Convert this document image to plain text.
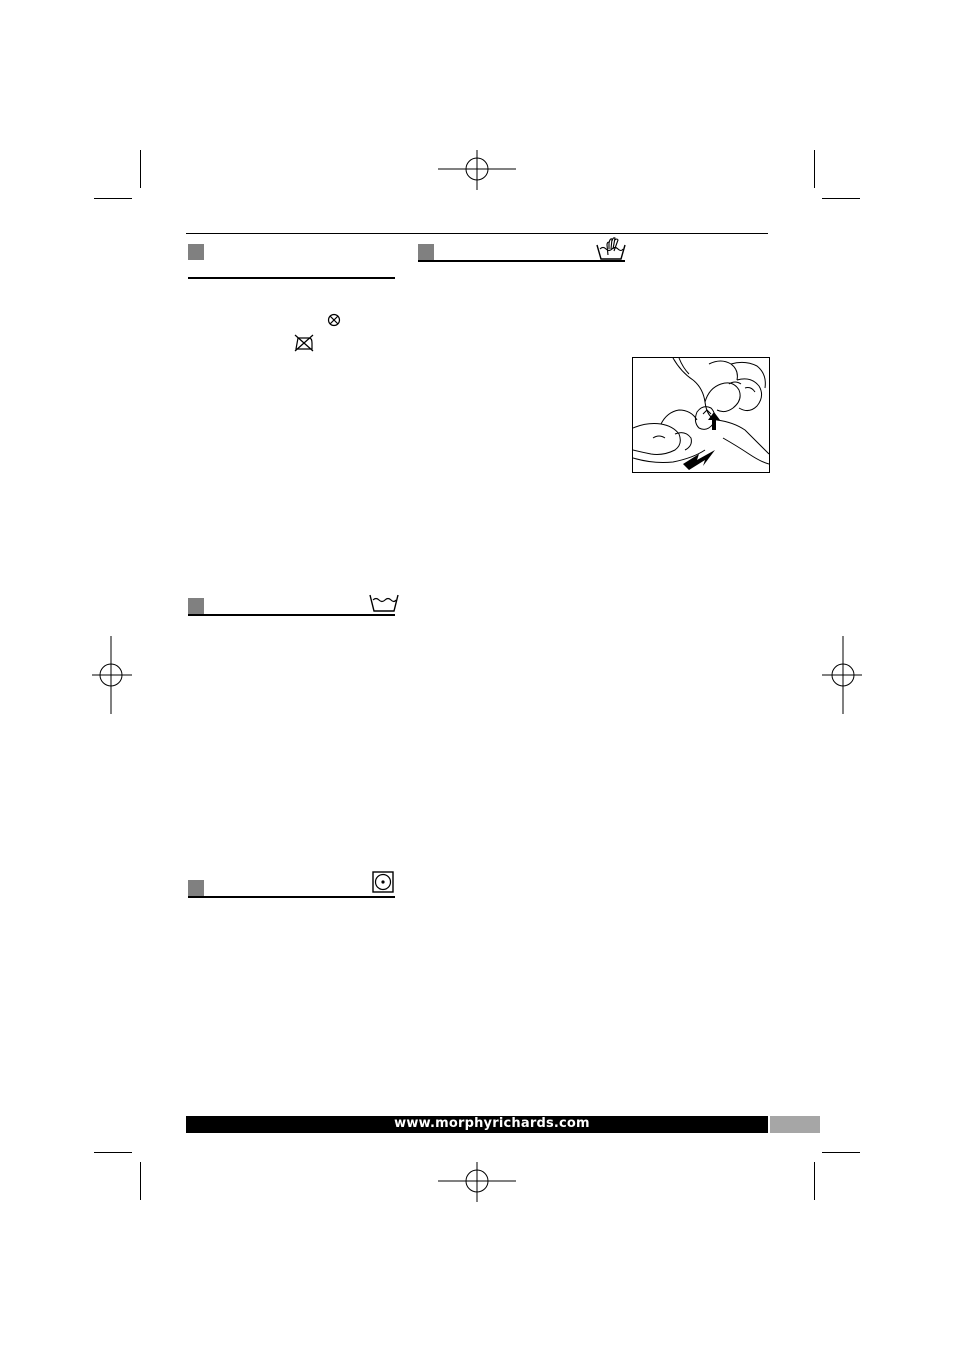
www.morphyrichards.com
